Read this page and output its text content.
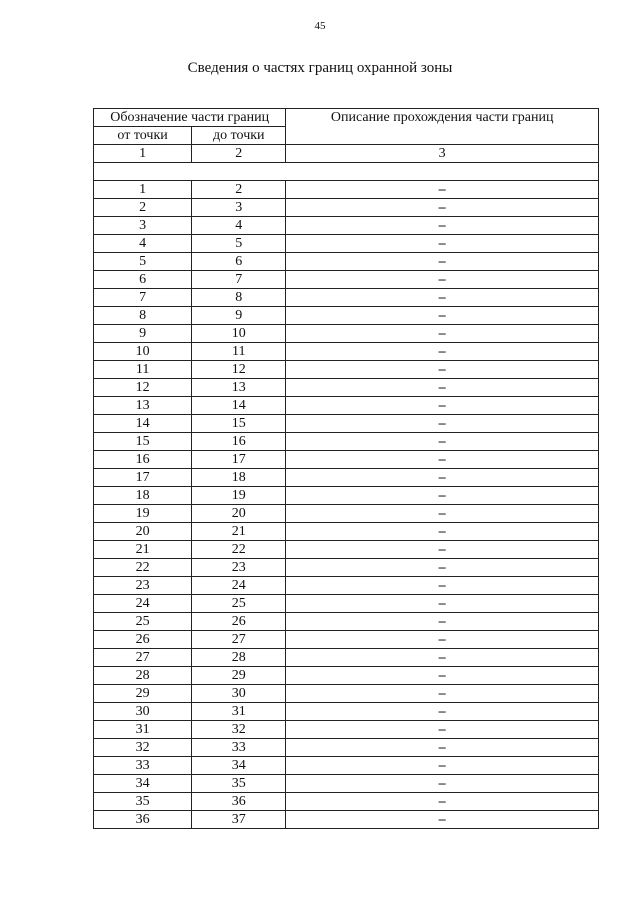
45
Сведения о частях границ охранной зоны
Обозначение части границ		Описание прохождения части границ
от точки	до точки	
1	2	3

1	2	–
2	3	–
3	4	–
4	5	–
5	6	–
6	7	–
7	8	–
8	9	–
9	10	–
10	11	–
11	12	–
12	13	–
13	14	–
14	15	–
15	16	–
16	17	–
17	18	–
18	19	–
19	20	–
20	21	–
21	22	–
22	23	–
23	24	–
24	25	–
25	26	–
26	27	–
27	28	–
28	29	–
29	30	–
30	31	–
31	32	–
32	33	–
33	34	–
34	35	–
35	36	–
36	37	–
